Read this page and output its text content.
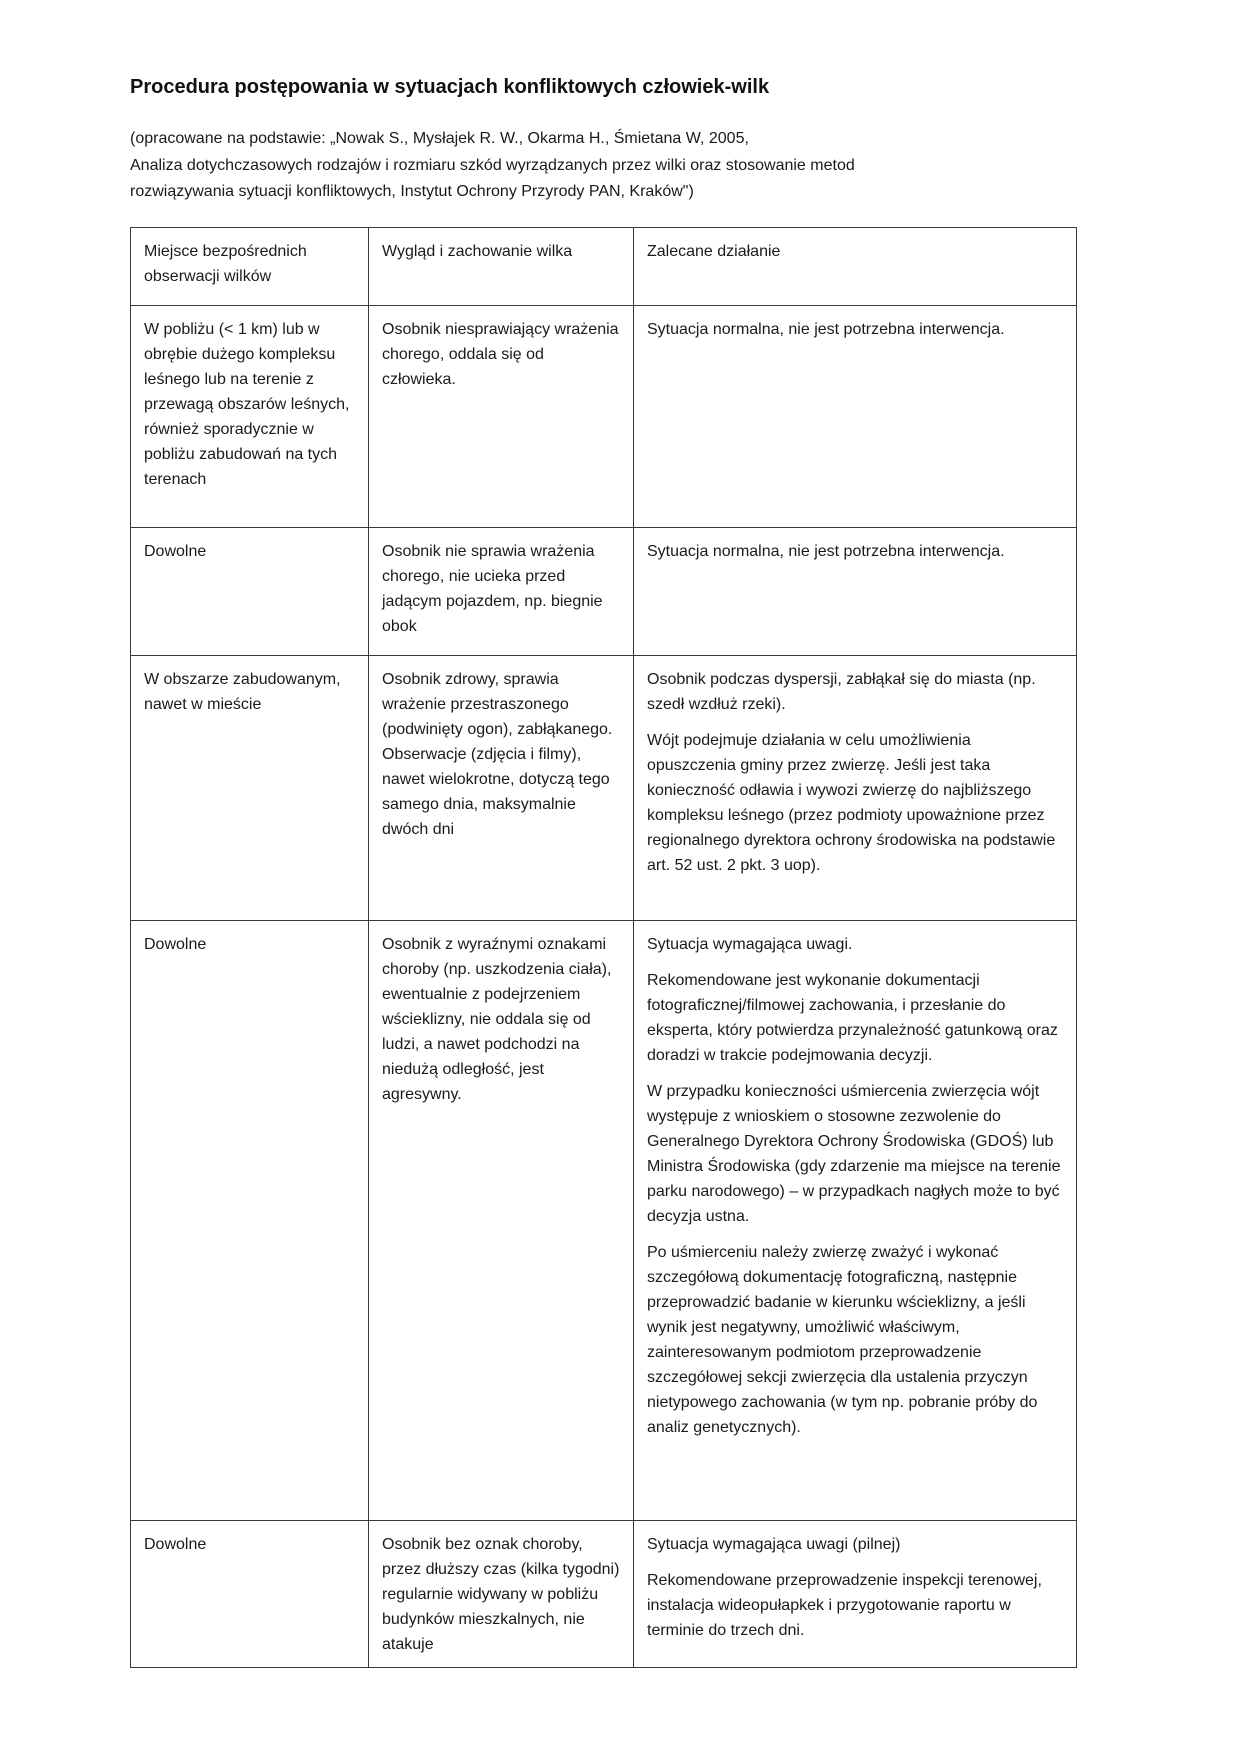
Procedura postępowania w sytuacjach konfliktowych człowiek-wilk

(opracowane na podstawie: „Nowak S., Mysłajek R. W., Okarma H., Śmietana W, 2005,
Analiza dotychczasowych rodzajów i rozmiaru szkód wyrządzanych przez wilki oraz stosowanie metod
rozwiązywania sytuacji konfliktowych, Instytut Ochrony Przyrody PAN, Kraków")

Miejsce bezpośrednich obserwacji wilków	Wygląd i zachowanie wilka	Zalecane działanie

W pobliżu (< 1 km) lub w obrębie dużego kompleksu leśnego lub na terenie z przewagą obszarów leśnych, również sporadycznie w pobliżu zabudowań na tych terenach	Osobnik niesprawiający wrażenia chorego, oddala się od człowieka.	Sytuacja normalna, nie jest potrzebna interwencja.

Dowolne	Osobnik nie sprawia wrażenia chorego, nie ucieka przed jadącym pojazdem, np. biegnie obok	Sytuacja normalna, nie jest potrzebna interwencja.

W obszarze zabudowanym, nawet w mieście	Osobnik zdrowy, sprawia wrażenie przestraszonego (podwinięty ogon), zabłąkanego. Obserwacje (zdjęcia i filmy), nawet wielokrotne, dotyczą tego samego dnia, maksymalnie dwóch dni	Osobnik podczas dyspersji, zabłąkał się do miasta (np. szedł wzdłuż rzeki).

Wójt podejmuje działania w celu umożliwienia opuszczenia gminy przez zwierzę. Jeśli jest taka konieczność odławia i wywozi zwierzę do najbliższego kompleksu leśnego (przez podmioty upoważnione przez regionalnego dyrektora ochrony środowiska na podstawie art. 52 ust. 2 pkt. 3 uop).

Dowolne	Osobnik z wyraźnymi oznakami choroby (np. uszkodzenia ciała), ewentualnie z podejrzeniem wścieklizny, nie oddala się od ludzi, a nawet podchodzi na niedużą odległość, jest agresywny.	Sytuacja wymagająca uwagi.

Rekomendowane jest wykonanie dokumentacji fotograficznej/filmowej zachowania, i przesłanie do eksperta, który potwierdza przynależność gatunkową oraz doradzi w trakcie podejmowania decyzji.

W przypadku konieczności uśmiercenia zwierzęcia wójt występuje z wnioskiem o stosowne zezwolenie do Generalnego Dyrektora Ochrony Środowiska (GDOŚ) lub Ministra Środowiska (gdy zdarzenie ma miejsce na terenie parku narodowego) – w przypadkach nagłych może to być decyzja ustna.

Po uśmierceniu należy zwierzę zważyć i wykonać szczegółową dokumentację fotograficzną, następnie przeprowadzić badanie w kierunku wścieklizny, a jeśli wynik jest negatywny, umożliwić właściwym, zainteresowanym podmiotom przeprowadzenie szczegółowej sekcji zwierzęcia dla ustalenia przyczyn nietypowego zachowania (w tym np. pobranie próby do analiz genetycznych).

Dowolne	Osobnik bez oznak choroby, przez dłuższy czas (kilka tygodni) regularnie widywany w pobliżu budynków mieszkalnych, nie atakuje	Sytuacja wymagająca uwagi (pilnej)

Rekomendowane przeprowadzenie inspekcji terenowej, instalacja wideopułapkek i przygotowanie raportu w terminie do trzech dni.
